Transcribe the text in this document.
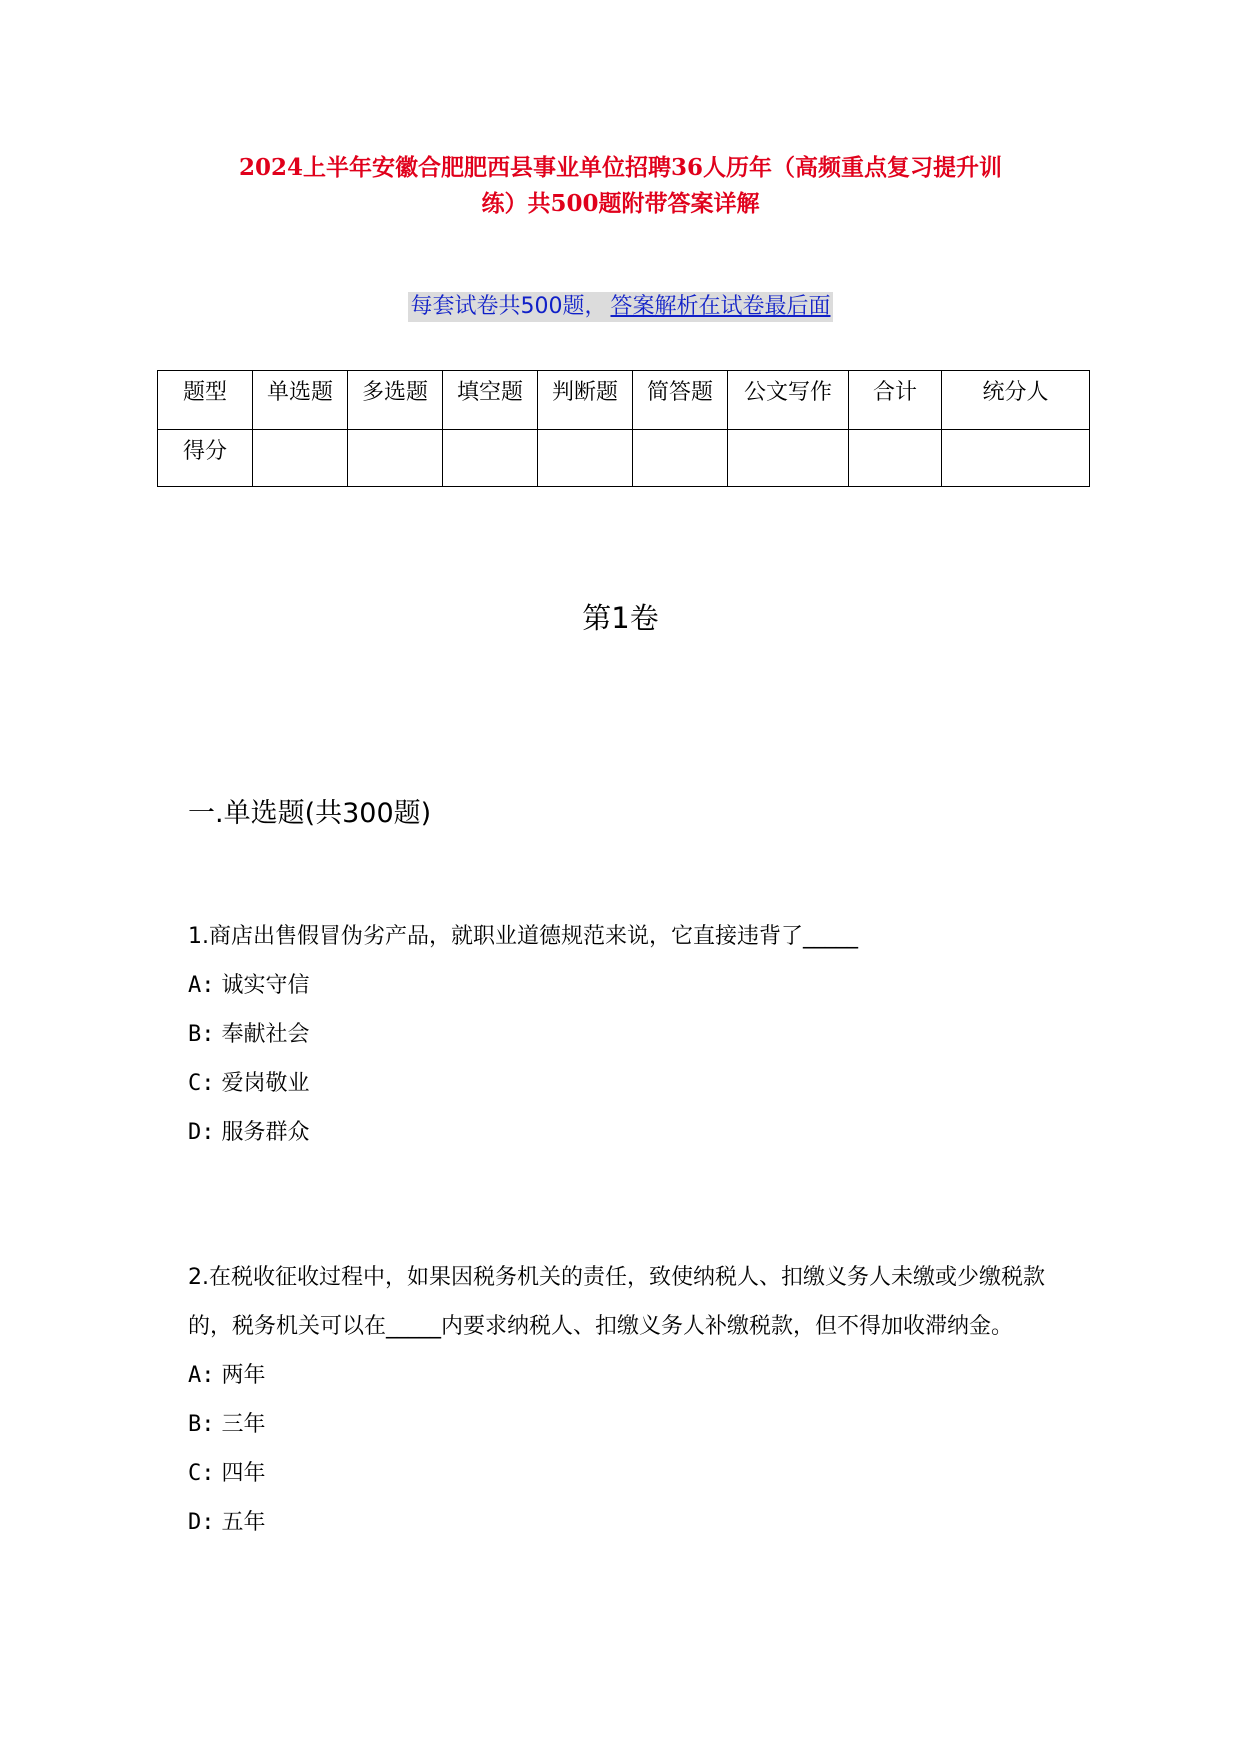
2024上半年安徽合肥肥西县事业单位招聘36人历年（高频重点复习提升训
练）共500题附带答案详解
每套试卷共500题， 答案解析在试卷最后面
题型	单选题	多选题	填空题	判断题	简答题	公文写作	合计	统分人
得分								
第1卷
一.单选题(共300题)

1.商店出售假冒伪劣产品，就职业道德规范来说，它直接违背了_____

A: 诚实守信

B: 奉献社会

C: 爱岗敬业

D: 服务群众

2.在税收征收过程中，如果因税务机关的责任，致使纳税人、扣缴义务人未缴或少缴税款的，税务机关可以在_____内要求纳税人、扣缴义务人补缴税款，但不得加收滞纳金。

A: 两年

B: 三年

C: 四年

D: 五年
